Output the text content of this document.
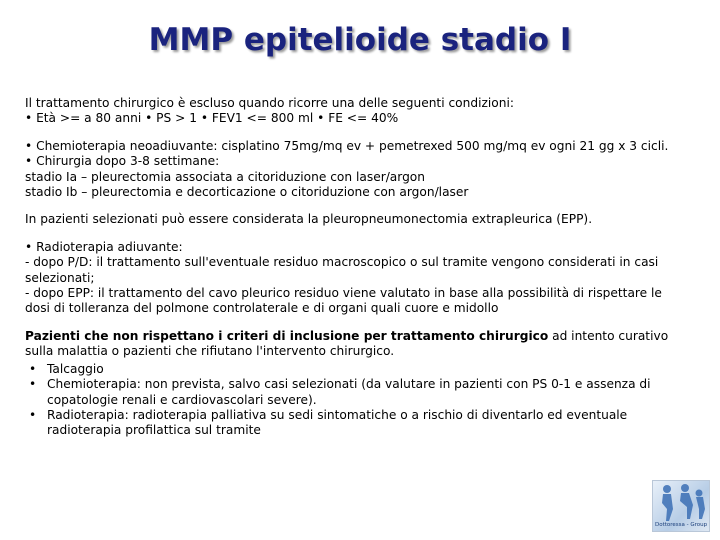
MMP epitelioide stadio I
Il trattamento chirurgico è escluso quando ricorre una delle seguenti condizioni:
• Età >= a 80 anni • PS > 1 • FEV1 <= 800 ml • FE <= 40%
• Chemioterapia neoadiuvante: cisplatino 75mg/mq ev + pemetrexed 500 mg/mq ev ogni 21 gg x 3 cicli.
• Chirurgia dopo 3-8 settimane:
stadio Ia – pleurectomia associata a citoriduzione con laser/argon
stadio Ib – pleurectomia e decorticazione o citoriduzione con argon/laser
In pazienti selezionati può essere considerata la pleuropneumonectomia extrapleurica (EPP).
• Radioterapia adiuvante:
- dopo P/D: il trattamento sull'eventuale residuo macroscopico o sul tramite vengono considerati in casi selezionati;
- dopo EPP: il trattamento del cavo pleurico residuo viene valutato in base alla possibilità di rispettare le dosi di tolleranza del polmone controlaterale e di organi quali cuore e midollo
Pazienti che non rispettano i criteri di inclusione per trattamento chirurgico ad intento curativo sulla malattia o pazienti che rifiutano l'intervento chirurgico.
• Talcaggio
• Chemioterapia: non prevista, salvo casi selezionati (da valutare in pazienti con PS 0-1 e assenza di copatologie renali e cardiovascolari severe).
• Radioterapia: radioterapia palliativa su sedi sintomatiche o a rischio di diventarlo ed eventuale radioterapia profilattica sul tramite
Dottoressa - Group
